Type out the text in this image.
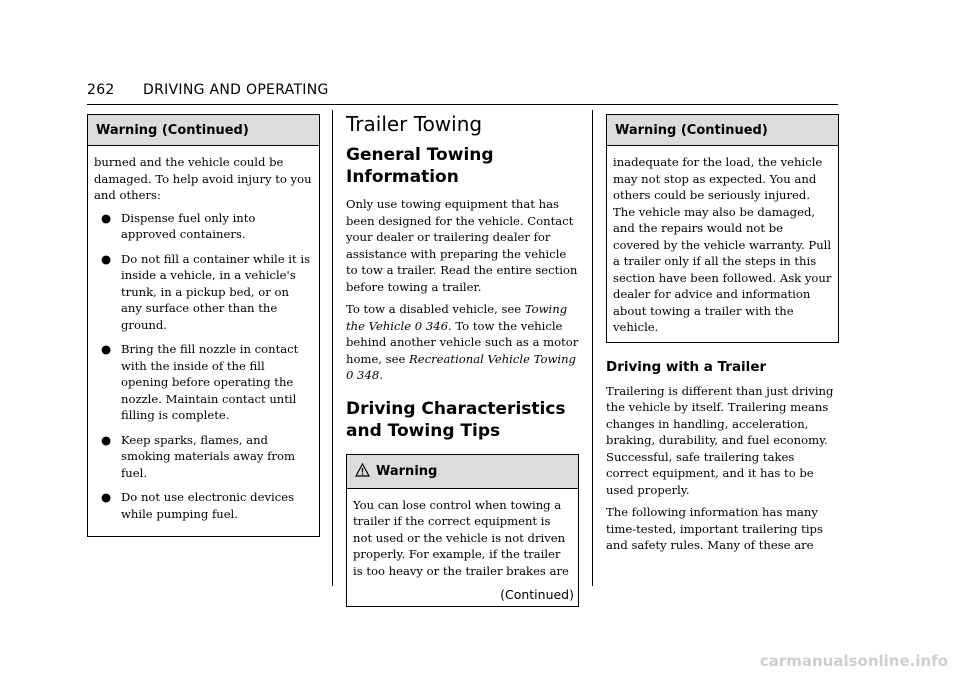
262 DRIVING AND OPERATING
Warning (Continued)

burned and the vehicle could be damaged. To help avoid injury to you and others:

● Dispense fuel only into approved containers.
● Do not fill a container while it is inside a vehicle, in a vehicle's trunk, in a pickup bed, or on any surface other than the ground.
● Bring the fill nozzle in contact with the inside of the fill opening before operating the nozzle. Maintain contact until filling is complete.
● Keep sparks, flames, and smoking materials away from fuel.
● Do not use electronic devices while pumping fuel.
Trailer Towing
General Towing Information

Only use towing equipment that has been designed for the vehicle. Contact your dealer or trailering dealer for assistance with preparing the vehicle to tow a trailer. Read the entire section before towing a trailer.

To tow a disabled vehicle, see Towing the Vehicle 0 346. To tow the vehicle behind another vehicle such as a motor home, see Recreational Vehicle Towing 0 348.

Driving Characteristics and Towing Tips
Warning
You can lose control when towing a trailer if the correct equipment is not used or the vehicle is not driven properly. For example, if the trailer is too heavy or the trailer brakes are
(Continued)
Warning (Continued)
inadequate for the load, the vehicle may not stop as expected. You and others could be seriously injured. The vehicle may also be damaged, and the repairs would not be covered by the vehicle warranty. Pull a trailer only if all the steps in this section have been followed. Ask your dealer for advice and information about towing a trailer with the vehicle.
Driving with a Trailer

Trailering is different than just driving the vehicle by itself. Trailering means changes in handling, acceleration, braking, durability, and fuel economy. Successful, safe trailering takes correct equipment, and it has to be used properly.

The following information has many time-tested, important trailering tips and safety rules. Many of these are

carmanualsonline.info
